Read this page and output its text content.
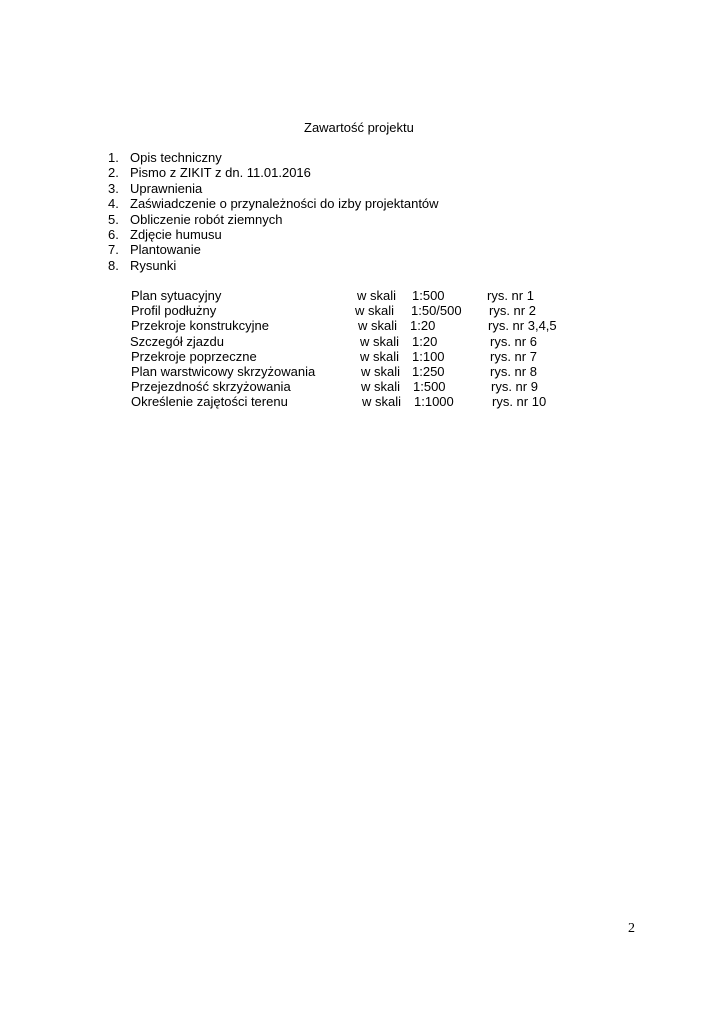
Zawartość projektu
1. Opis techniczny
2. Pismo z ZIKIT z dn. 11.01.2016
3. Uprawnienia
4. Zaświadczenie o przynależności do izby projektantów
5. Obliczenie robót ziemnych
6. Zdjęcie humusu
7. Plantowanie
8. Rysunki
Plan sytuacyjny	w skali 1:500	rys. nr 1
Profil podłużny	w skali 1:50/500 rys. nr 2
Przekroje konstrukcyjne	w skali 1:20	rys. nr 3,4,5
Szczegół zjazdu	w skali 1:20	rys. nr 6
Przekroje poprzeczne	w skali 1:100	rys. nr 7
Plan warstwicowy skrzyżowania	w skali 1:250	rys. nr 8
Przejezdność skrzyżowania	w skali 1:500	rys. nr 9
Określenie zajętości terenu	w skali 1:1000	rys. nr 10
2
